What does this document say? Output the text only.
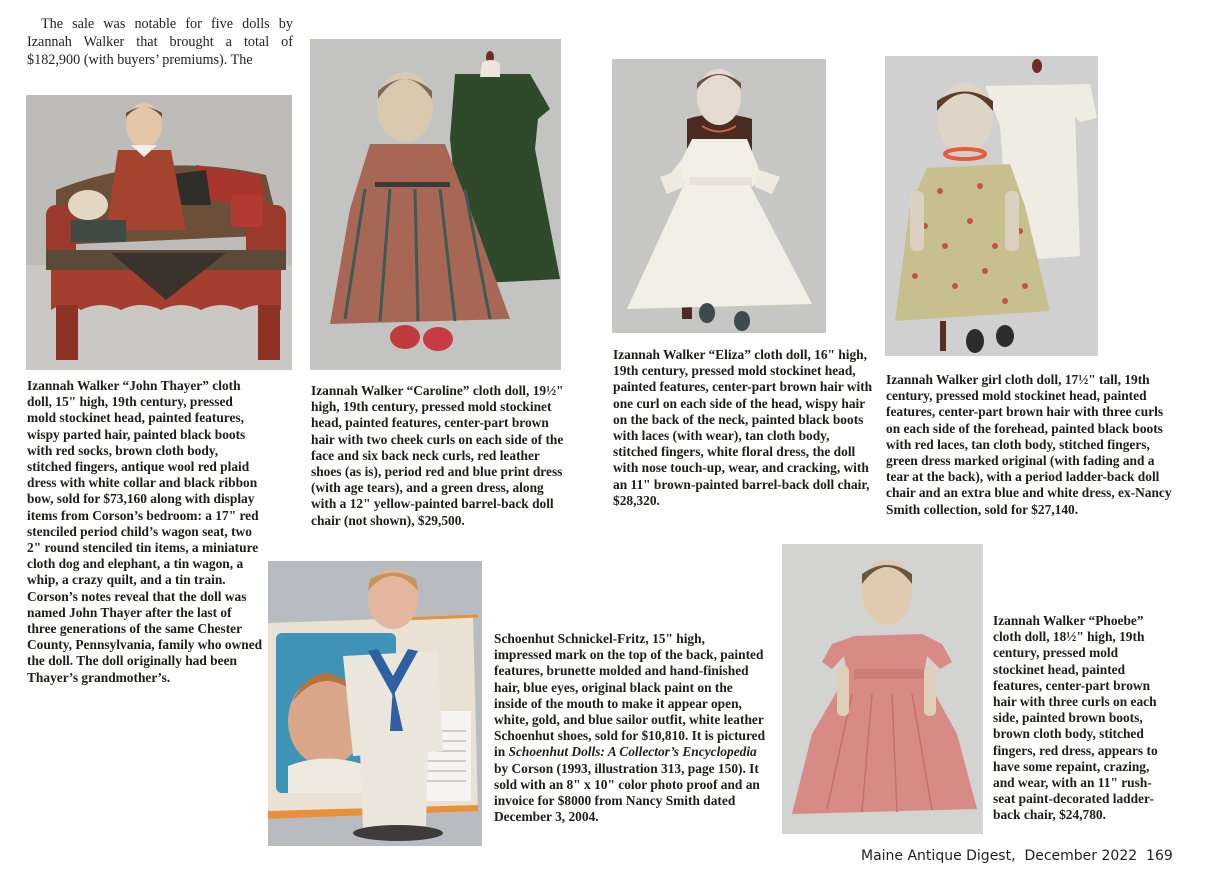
The sale was notable for five dolls by Izannah Walker that brought a total of $182,900 (with buyers’ premiums). The

Izannah Walker “John Thayer” cloth doll, 15" high, 19th century, pressed mold stockinet head, painted features, wispy parted hair, painted black boots with red socks, brown cloth body, stitched fingers, antique wool red plaid dress with white collar and black ribbon bow, sold for $73,160 along with display items from Corson’s bedroom: a 17" red stenciled period child’s wagon seat, two 2" round stenciled tin items, a miniature cloth dog and elephant, a tin wagon, a whip, a crazy quilt, and a tin train. Corson’s notes reveal that the doll was named John Thayer after the last of three generations of the same Chester County, Pennsylvania, family who owned the doll. The doll originally had been Thayer’s grandmother’s.
Izannah Walker “Caroline” cloth doll, 19½" high, 19th century, pressed mold stockinet head, painted features, center-part brown hair with two cheek curls on each side of the face and six back neck curls, red leather shoes (as is), period red and blue print dress (with age tears), and a green dress, along with a 12" yellow-painted barrel-back doll chair (not shown), $29,500.
Izannah Walker “Eliza” cloth doll, 16" high, 19th century, pressed mold stockinet head, painted features, center-part brown hair with one curl on each side of the head, wispy hair on the back of the neck, painted black boots with laces (with wear), tan cloth body, stitched fingers, white floral dress, the doll with nose touch-up, wear, and cracking, with an 11" brown-painted barrel-back doll chair, $28,320.
Izannah Walker girl cloth doll, 17½" tall, 19th century, pressed mold stockinet head, painted features, center-part brown hair with three curls on each side of the forehead, painted black boots with red laces, tan cloth body, stitched fingers, green dress marked original (with fading and a tear at the back), with a period ladder-back doll chair and an extra blue and white dress, ex-Nancy Smith collection, sold for $27,140.
Schoenhut Schnickel-Fritz, 15" high, impressed mark on the top of the back, painted features, brunette molded and hand-finished hair, blue eyes, original black paint on the inside of the mouth to make it appear open, white, gold, and blue sailor outfit, white leather Schoenhut shoes, sold for $10,810. It is pictured in Schoenhut Dolls: A Collector’s Encyclopedia by Corson (1993, illustration 313, page 150). It sold with an 8" x 10" color photo proof and an invoice for $8000 from Nancy Smith dated December 3, 2004.
Izannah Walker “Phoebe” cloth doll, 18½" high, 19th century, pressed mold stockinet head, painted features, center-part brown hair with three curls on each side, painted brown boots, brown cloth body, stitched fingers, red dress, appears to have some repaint, crazing, and wear, with an 11" rush-seat paint-decorated ladder-back chair, $24,780.
Maine Antique Digest, December 2022 169
